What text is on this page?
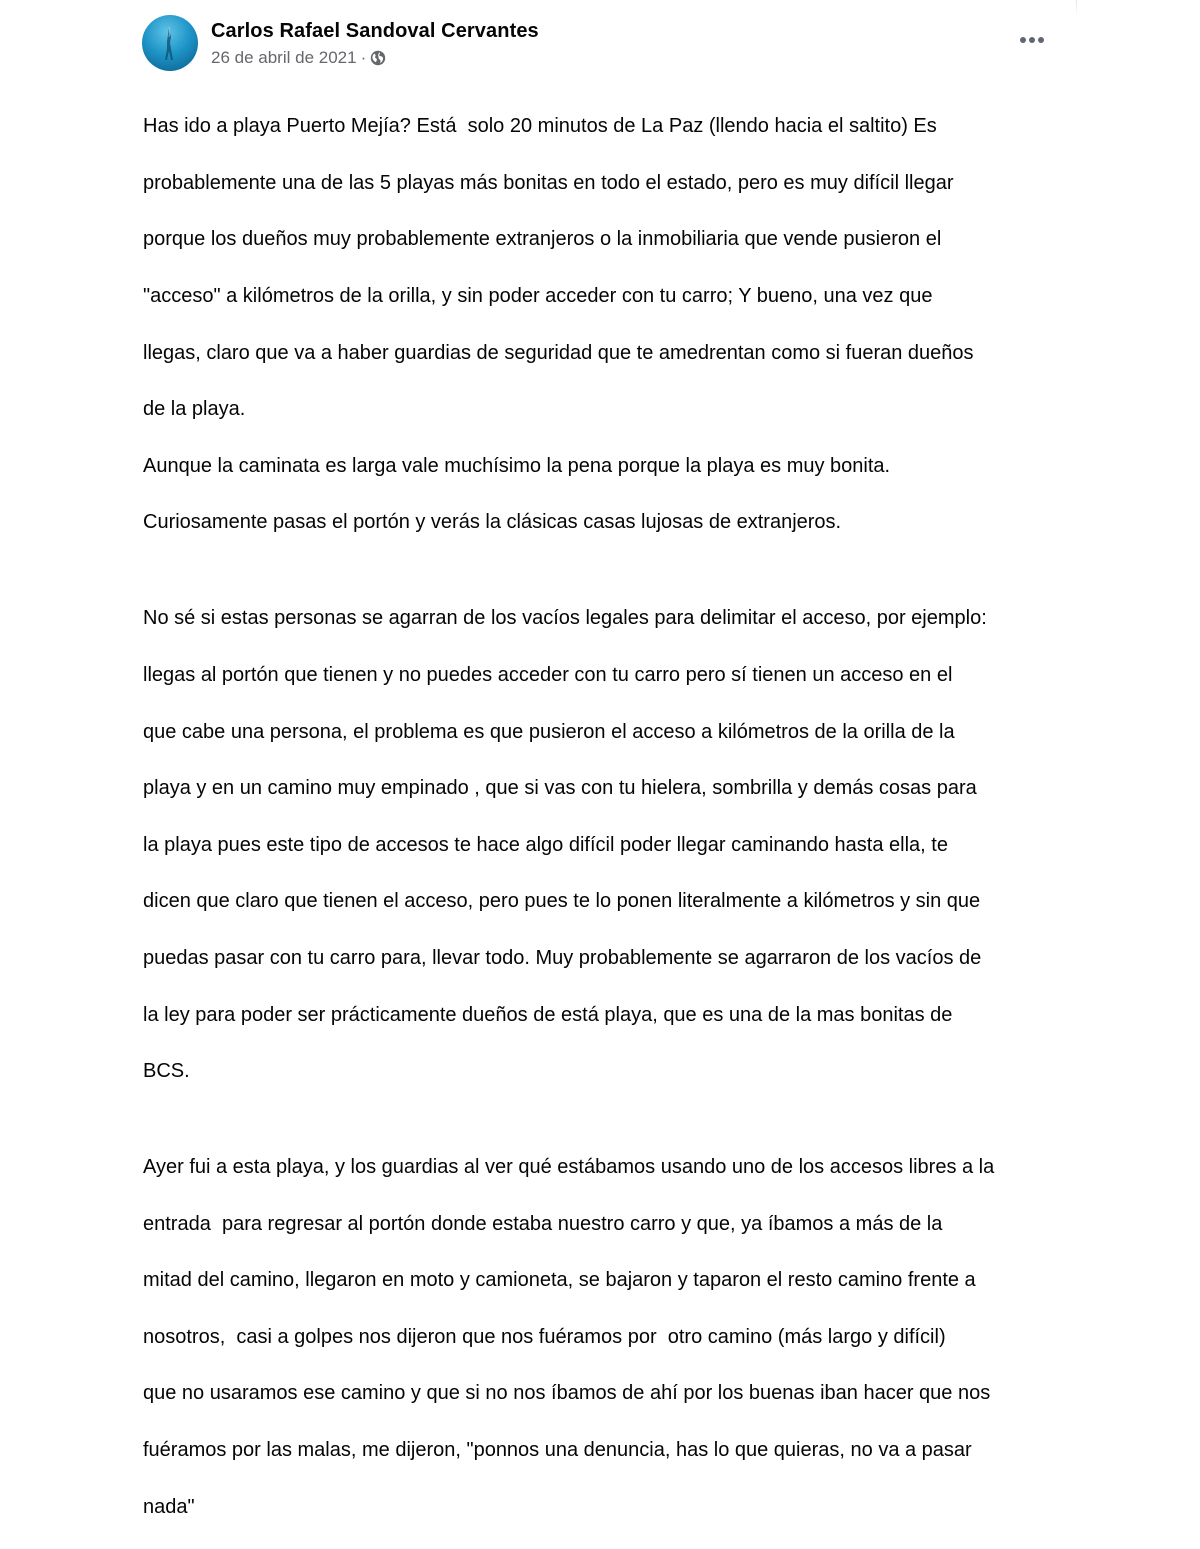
Carlos Rafael Sandoval Cervantes
26 de abril de 2021 ·

Has ido a playa Puerto Mejía? Está  solo 20 minutos de La Paz (llendo hacia el saltito) Es

probablemente una de las 5 playas más bonitas en todo el estado, pero es muy difícil llegar

porque los dueños muy probablemente extranjeros o la inmobiliaria que vende pusieron el

"acceso" a kilómetros de la orilla, y sin poder acceder con tu carro; Y bueno, una vez que

llegas, claro que va a haber guardias de seguridad que te amedrentan como si fueran dueños

de la playa.

Aunque la caminata es larga vale muchísimo la pena porque la playa es muy bonita.

Curiosamente pasas el portón y verás la clásicas casas lujosas de extranjeros.

No sé si estas personas se agarran de los vacíos legales para delimitar el acceso, por ejemplo:

llegas al portón que tienen y no puedes acceder con tu carro pero sí tienen un acceso en el

que cabe una persona, el problema es que pusieron el acceso a kilómetros de la orilla de la

playa y en un camino muy empinado , que si vas con tu hielera, sombrilla y demás cosas para

la playa pues este tipo de accesos te hace algo difícil poder llegar caminando hasta ella, te

dicen que claro que tienen el acceso, pero pues te lo ponen literalmente a kilómetros y sin que

puedas pasar con tu carro para, llevar todo. Muy probablemente se agarraron de los vacíos de

la ley para poder ser prácticamente dueños de está playa, que es una de la mas bonitas de

BCS.

Ayer fui a esta playa, y los guardias al ver qué estábamos usando uno de los accesos libres a la

entrada  para regresar al portón donde estaba nuestro carro y que, ya íbamos a más de la

mitad del camino, llegaron en moto y camioneta, se bajaron y taparon el resto camino frente a

nosotros,  casi a golpes nos dijeron que nos fuéramos por  otro camino (más largo y difícil)

que no usaramos ese camino y que si no nos íbamos de ahí por los buenas iban hacer que nos

fuéramos por las malas, me dijeron, "ponnos una denuncia, has lo que quieras, no va a pasar

nada"
